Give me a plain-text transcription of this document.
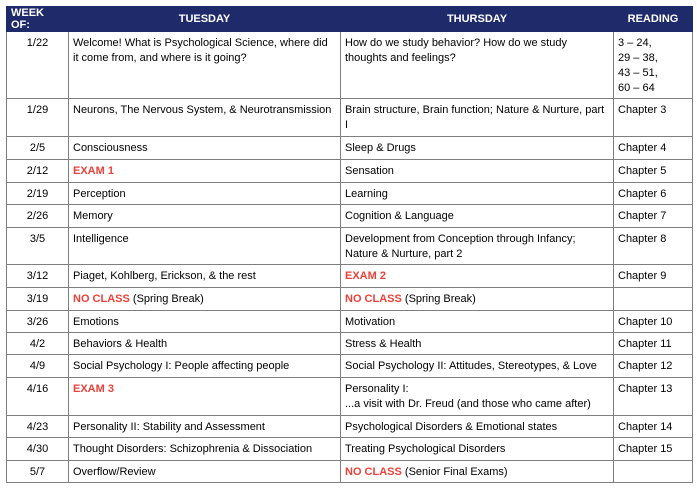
WEEK OF:	TUESDAY	THURSDAY	READING
1/22	Welcome! What is Psychological Science, where did it come from, and where is it going?	How do we study behavior? How do we study thoughts and feelings?	3 – 24,
29 – 38,
43 – 51,
60 – 64

1/29	Neurons, The Nervous System, & Neurotransmission	Brain structure, Brain function; Nature & Nurture, part I	Chapter 3

2/5	Consciousness	Sleep & Drugs	Chapter 4

2/12	EXAM 1	Sensation	Chapter 5

2/19	Perception	Learning	Chapter 6

2/26	Memory	Cognition & Language	Chapter 7

3/5	Intelligence	Development from Conception through Infancy; Nature & Nurture, part 2	Chapter 8

3/12	Piaget, Kohlberg, Erickson, & the rest	EXAM 2	Chapter 9

3/19	NO CLASS (Spring Break)	NO CLASS (Spring Break)	
3/26	Emotions	Motivation	Chapter 10

4/2	Behaviors & Health	Stress & Health	Chapter 11

4/9	Social Psychology I: People affecting people	Social Psychology II: Attitudes, Stereotypes, & Love	Chapter 12

4/16	EXAM 3	Personality I:
...a visit with Dr. Freud (and those who came after)	Chapter 13

4/23	Personality II: Stability and Assessment	Psychological Disorders & Emotional states	Chapter 14

4/30	Thought Disorders: Schizophrenia & Dissociation	Treating Psychological Disorders	Chapter 15

5/7	Overflow/Review	NO CLASS (Senior Final Exams)	
